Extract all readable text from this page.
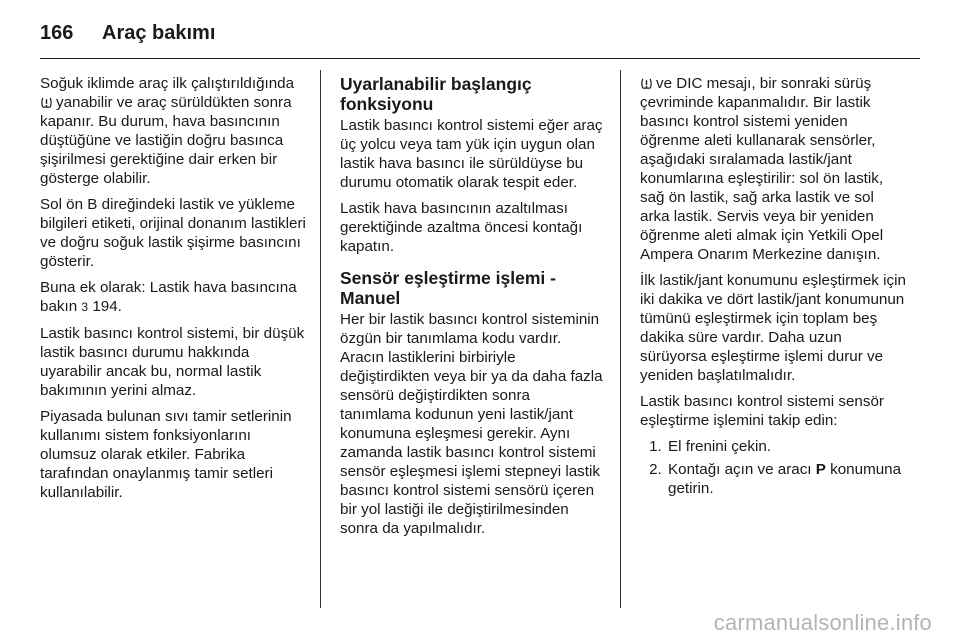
166	Araç bakımı

Soğuk iklimde araç ilk çalıştırıldığında
yanabilir ve araç sürüldükten sonra kapanır. Bu durum, hava basıncının düştüğüne ve lastiğin doğru basınca şişirilmesi gerektiğine dair erken bir gösterge olabilir.

Sol ön B direğindeki lastik ve yükleme bilgileri etiketi, orijinal donanım lastikleri ve doğru soğuk lastik şişirme basıncını gösterir.

Buna ek olarak: Lastik hava basıncına bakın 3 194.

Lastik basıncı kontrol sistemi, bir düşük lastik basıncı durumu hakkında uyarabilir ancak bu, normal lastik bakımının yerini almaz.

Piyasada bulunan sıvı tamir setlerinin kullanımı sistem fonksiyonlarını olumsuz olarak etkiler. Fabrika tarafından onaylanmış tamir setleri kullanılabilir.

Uyarlanabilir başlangıç fonksiyonu

Lastik basıncı kontrol sistemi eğer araç üç yolcu veya tam yük için uygun olan lastik hava basıncı ile sürüldüyse bu durumu otomatik olarak tespit eder.

Lastik hava basıncının azaltılması gerektiğinde azaltma öncesi kontağı kapatın.

Sensör eşleştirme işlemi - Manuel

Her bir lastik basıncı kontrol sisteminin özgün bir tanımlama kodu vardır. Aracın lastiklerini birbiriyle değiştirdikten veya bir ya da daha fazla sensörü değiştirdikten sonra tanımlama kodunun yeni lastik/jant konumuna eşleşmesi gerekir. Aynı zamanda lastik basıncı kontrol sistemi sensör eşleşmesi işlemi stepneyi lastik basıncı kontrol sistemi sensörü içeren bir yol lastiği ile değiştirilmesinden sonra da yapılmalıdır.

ve DIC mesajı, bir sonraki sürüş çevriminde kapanmalıdır. Bir lastik basıncı kontrol sistemi yeniden öğrenme aleti kullanarak sensörler, aşağıdaki sıralamada lastik/jant konumlarına eşleştirilir: sol ön lastik, sağ ön lastik, sağ arka lastik ve sol arka lastik. Servis veya bir yeniden öğrenme aleti almak için Yetkili Opel Ampera Onarım Merkezine danışın.

İlk lastik/jant konumunu eşleştirmek için iki dakika ve dört lastik/jant konumunun tümünü eşleştirmek için toplam beş dakika süre vardır. Daha uzun sürüyorsa eşleştirme işlemi durur ve yeniden başlatılmalıdır.

Lastik basıncı kontrol sistemi sensör eşleştirme işlemini takip edin:

1. El frenini çekin.
2. Kontağı açın ve aracı P konumuna getirin.
carmanualsonline.info
